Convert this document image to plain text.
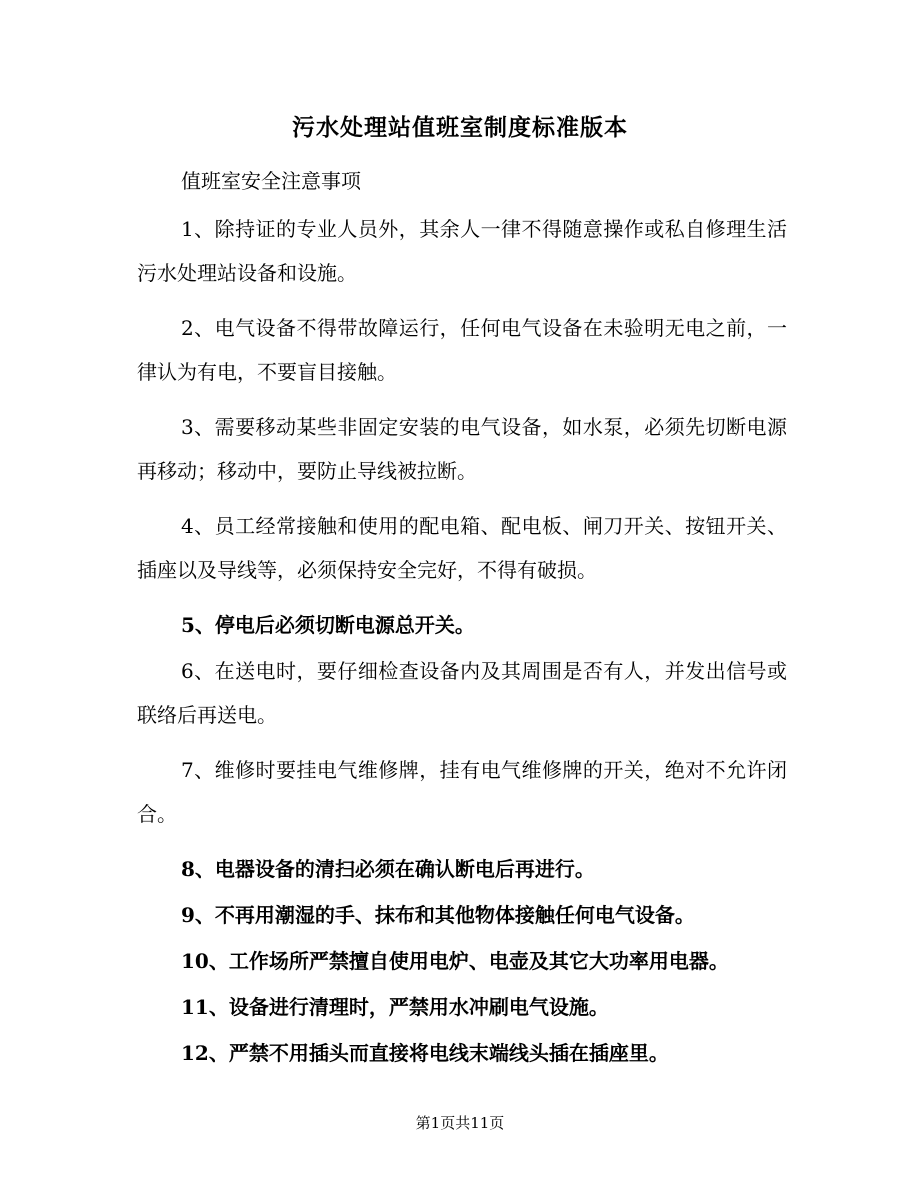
污水处理站值班室制度标准版本
值班室安全注意事项

1、除持证的专业人员外，其余人一律不得随意操作或私自修理生活污水处理站设备和设施。

2、电气设备不得带故障运行，任何电气设备在未验明无电之前，一律认为有电，不要盲目接触。

3、需要移动某些非固定安装的电气设备，如水泵，必须先切断电源再移动；移动中，要防止导线被拉断。

4、员工经常接触和使用的配电箱、配电板、闸刀开关、按钮开关、插座以及导线等，必须保持安全完好，不得有破损。

5、停电后必须切断电源总开关。

6、在送电时，要仔细检查设备内及其周围是否有人，并发出信号或联络后再送电。

7、维修时要挂电气维修牌，挂有电气维修牌的开关，绝对不允许闭合。

8、电器设备的清扫必须在确认断电后再进行。

9、不再用潮湿的手、抹布和其他物体接触任何电气设备。

10、工作场所严禁擅自使用电炉、电壶及其它大功率用电器。

11、设备进行清理时，严禁用水冲刷电气设施。

12、严禁不用插头而直接将电线末端线头插在插座里。

第1页共11页
